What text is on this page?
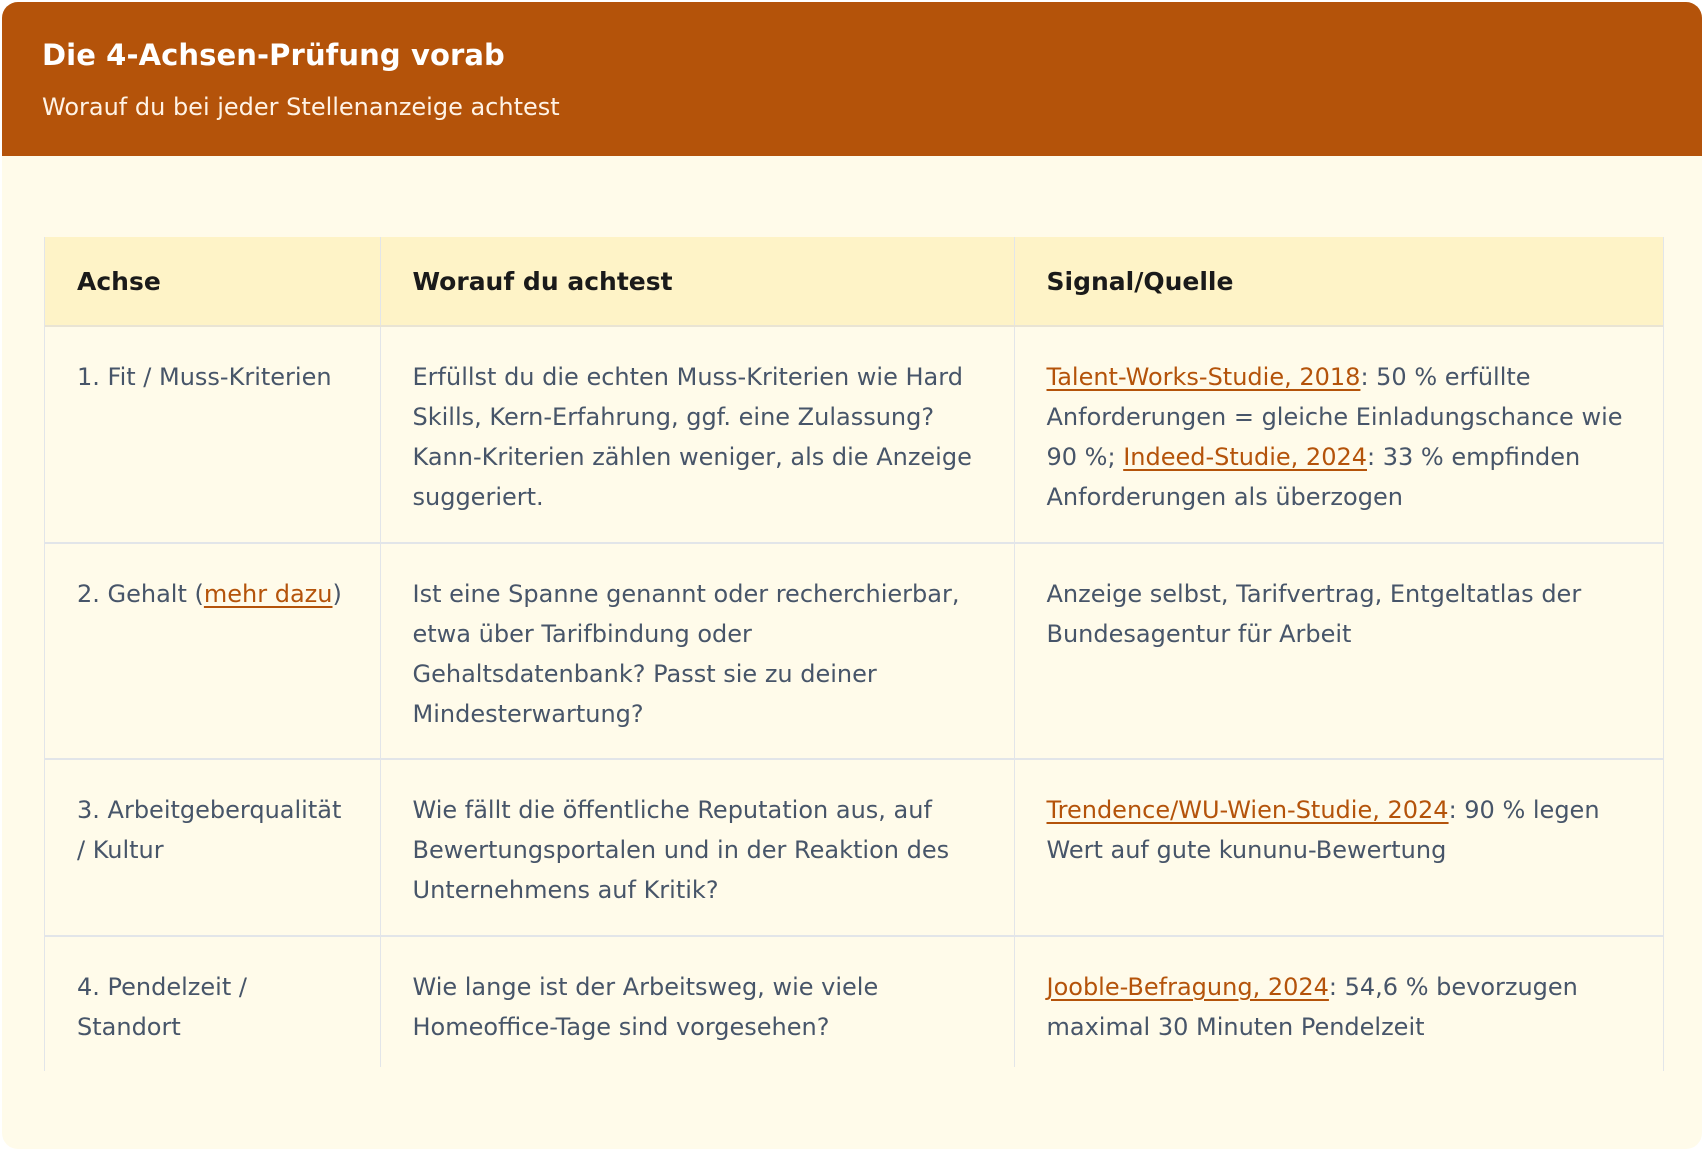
Die 4-Achsen-Prüfung vorab
Worauf du bei jeder Stellenanzeige achtest
Achse	Worauf du achtest	Signal/Quelle
1. Fit / Muss-Kriterien	Erfüllst du die echten Muss-Kriterien wie Hard Skills, Kern-Erfahrung, ggf. eine Zulassung? Kann-Kriterien zählen weniger, als die Anzeige suggeriert.	Talent-Works-Studie, 2018: 50 % erfüllte Anforderungen = gleiche Einladungschance wie 90 %; Indeed-Studie, 2024: 33 % empfinden Anforderungen als überzogen
2. Gehalt (mehr dazu)	Ist eine Spanne genannt oder recherchierbar, etwa über Tarifbindung oder Gehaltsdatenbank? Passt sie zu deiner Mindesterwartung?	Anzeige selbst, Tarifvertrag, Entgeltatlas der Bundesagentur für Arbeit
3. Arbeitgeberqualität / Kultur	Wie fällt die öffentliche Reputation aus, auf Bewertungsportalen und in der Reaktion des Unternehmens auf Kritik?	Trendence/WU-Wien-Studie, 2024: 90 % legen Wert auf gute kununu-Bewertung
4. Pendelzeit / Standort	Wie lange ist der Arbeitsweg, wie viele Homeoffice-Tage sind vorgesehen?	Jooble-Befragung, 2024: 54,6 % bevorzugen maximal 30 Minuten Pendelzeit
